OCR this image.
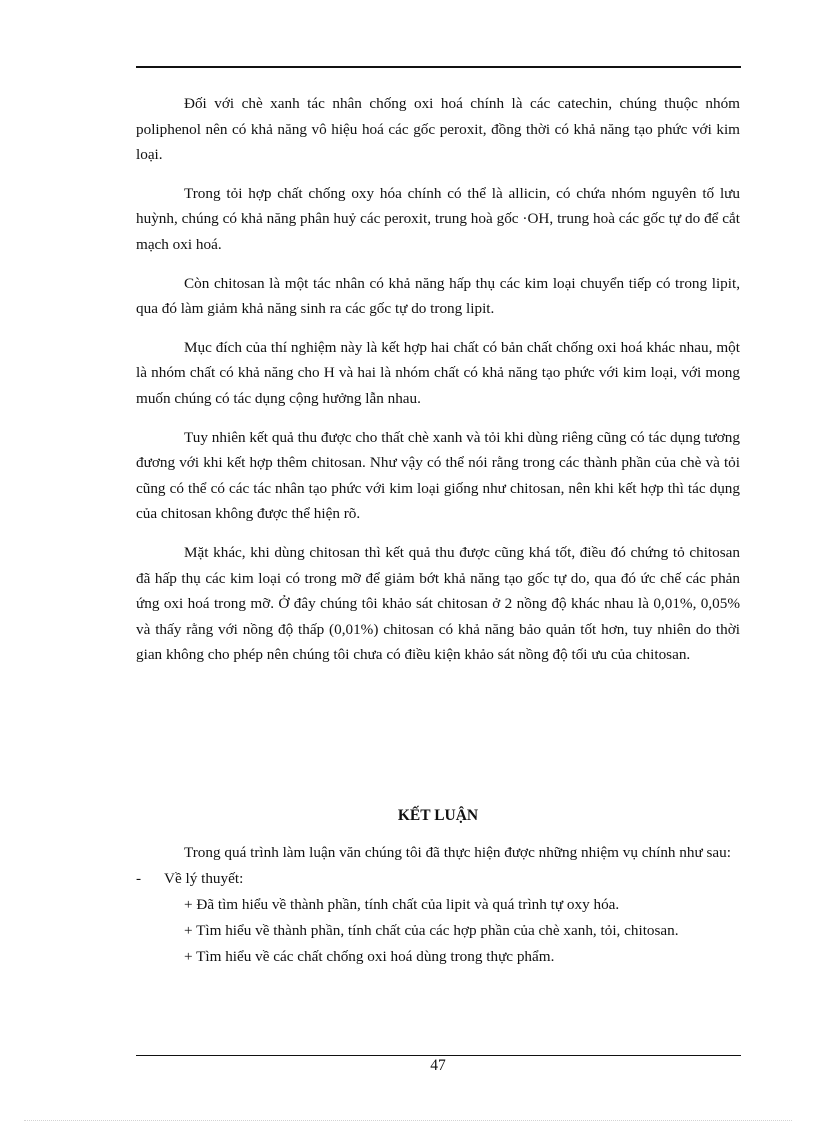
Đối với chè xanh tác nhân chống oxi hoá chính là các catechin, chúng thuộc nhóm poliphenol nên có khả năng vô hiệu hoá các gốc peroxit, đồng thời có khả năng tạo phức với kim loại.

Trong tỏi hợp chất chống oxy hóa chính có thể là allicin, có chứa nhóm nguyên tố lưu huỳnh, chúng có khả năng phân huỷ các peroxit, trung hoà gốc ·OH, trung hoà các gốc tự do để cắt mạch oxi hoá.

Còn chitosan là một tác nhân có khả năng hấp thụ các kim loại chuyển tiếp có trong lipit, qua đó làm giảm khả năng sinh ra các gốc tự do trong lipit.

Mục đích của thí nghiệm này là kết hợp hai chất có bản chất chống oxi hoá khác nhau, một là nhóm chất có khả năng cho H và hai là nhóm chất có khả năng tạo phức với kim loại, với mong muốn chúng có tác dụng cộng hưởng lẫn nhau.

Tuy nhiên kết quả thu được cho thất chè xanh và tỏi khi dùng riêng cũng có tác dụng tương đương với khi kết hợp thêm chitosan. Như vậy có thể nói rằng trong các thành phần của chè và tỏi cũng có thể có các tác nhân tạo phức với kim loại giống như chitosan, nên khi kết hợp thì tác dụng của chitosan không được thể hiện rõ.

Mặt khác, khi dùng chitosan thì kết quả thu được cũng khá tốt, điều đó chứng tỏ chitosan đã hấp thụ các kim loại có trong mỡ để giảm bớt khả năng tạo gốc tự do, qua đó ức chế các phản ứng oxi hoá trong mỡ. Ở đây chúng tôi khảo sát chitosan ở 2 nồng độ khác nhau là 0,01%, 0,05% và thấy rằng với nồng độ thấp (0,01%) chitosan có khả năng bảo quản tốt hơn, tuy nhiên do thời gian không cho phép nên chúng tôi chưa có điều kiện khảo sát nồng độ tối ưu của chitosan.

KẾT LUẬN

Trong quá trình làm luận văn chúng tôi đã thực hiện được những nhiệm vụ chính như sau:

- Về lý thuyết:

+ Đã tìm hiểu về thành phần, tính chất của lipit và quá trình tự oxy hóa.

+ Tìm hiểu về thành phần, tính chất của các hợp phần của chè xanh, tỏi, chitosan.

+ Tìm hiểu về các chất chống oxi hoá dùng trong thực phẩm.

47
